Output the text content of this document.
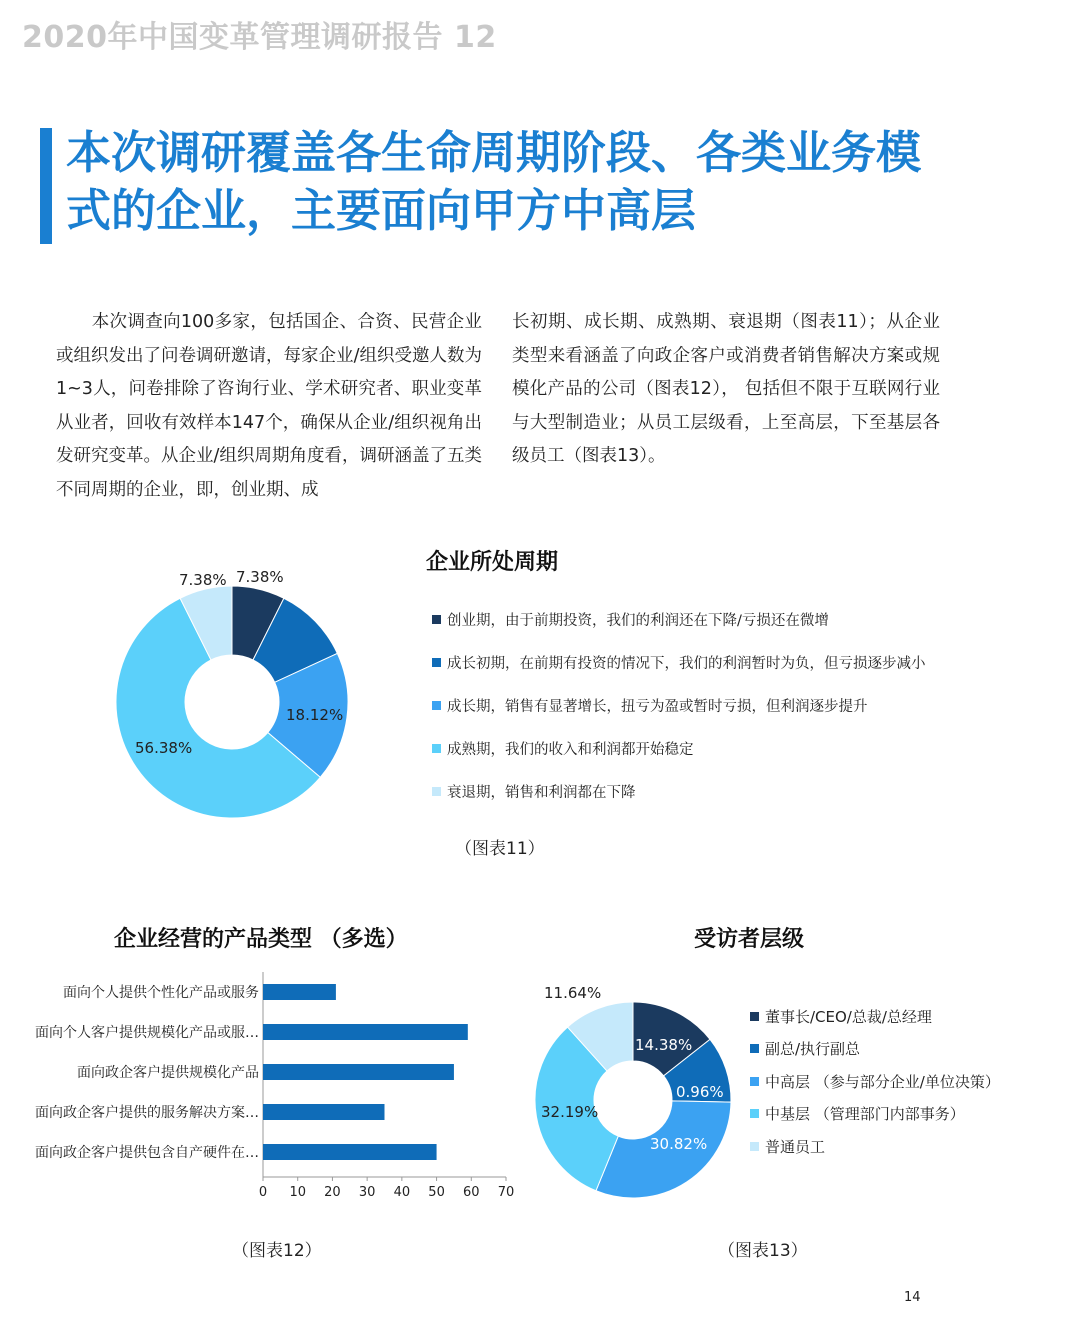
2020年中国变革管理调研报告 12
本次调研覆盖各生命周期阶段、各类业务模式的企业，主要面向甲方中高层

　　本次调查向100多家，包括国企、合资、民营企业或组织发出了问卷调研邀请，每家企业/组织受邀人数为1~3人，问卷排除了咨询行业、学术研究者、职业变革从业者，回收有效样本147个，确保从企业/组织视角出发研究变革。从企业/组织周期角度看，调研涵盖了五类不同周期的企业，即，创业期、成

长初期、成长期、成熟期、衰退期（图表11）；从企业类型来看涵盖了向政企客户或消费者销售解决方案或规模化产品的公司（图表12）， 包括但不限于互联网行业与大型制造业；从员工层级看，上至高层，下至基层各级员工（图表13）。

企业所处周期
7.38%
18.12%
56.38%
7.38%
创业期，由于前期投资，我们的利润还在下降/亏损还在微增
成长初期，在前期有投资的情况下，我们的利润暂时为负，但亏损逐步减小
成长期，销售有显著增长，扭亏为盈或暂时亏损，但利润逐步提升
成熟期，我们的收入和利润都开始稳定
衰退期，销售和利润都在下降
（图表11）
企业经营的产品类型 （多选）
面向个人提供个性化产品或服务
面向个人客户提供规模化产品或服…
面向政企客户提供规模化产品
面向政企客户提供的服务解决方案…
面向政企客户提供包含自产硬件在…
0 10 20 30 40 50 60 70
（图表12）
受访者层级
14.38%
0.96%
30.82%
32.19%
11.64%
董事长/CEO/总裁/总经理
副总/执行副总
中高层 （参与部分企业/单位决策）
中基层 （管理部门内部事务）
普通员工
（图表13）
14
